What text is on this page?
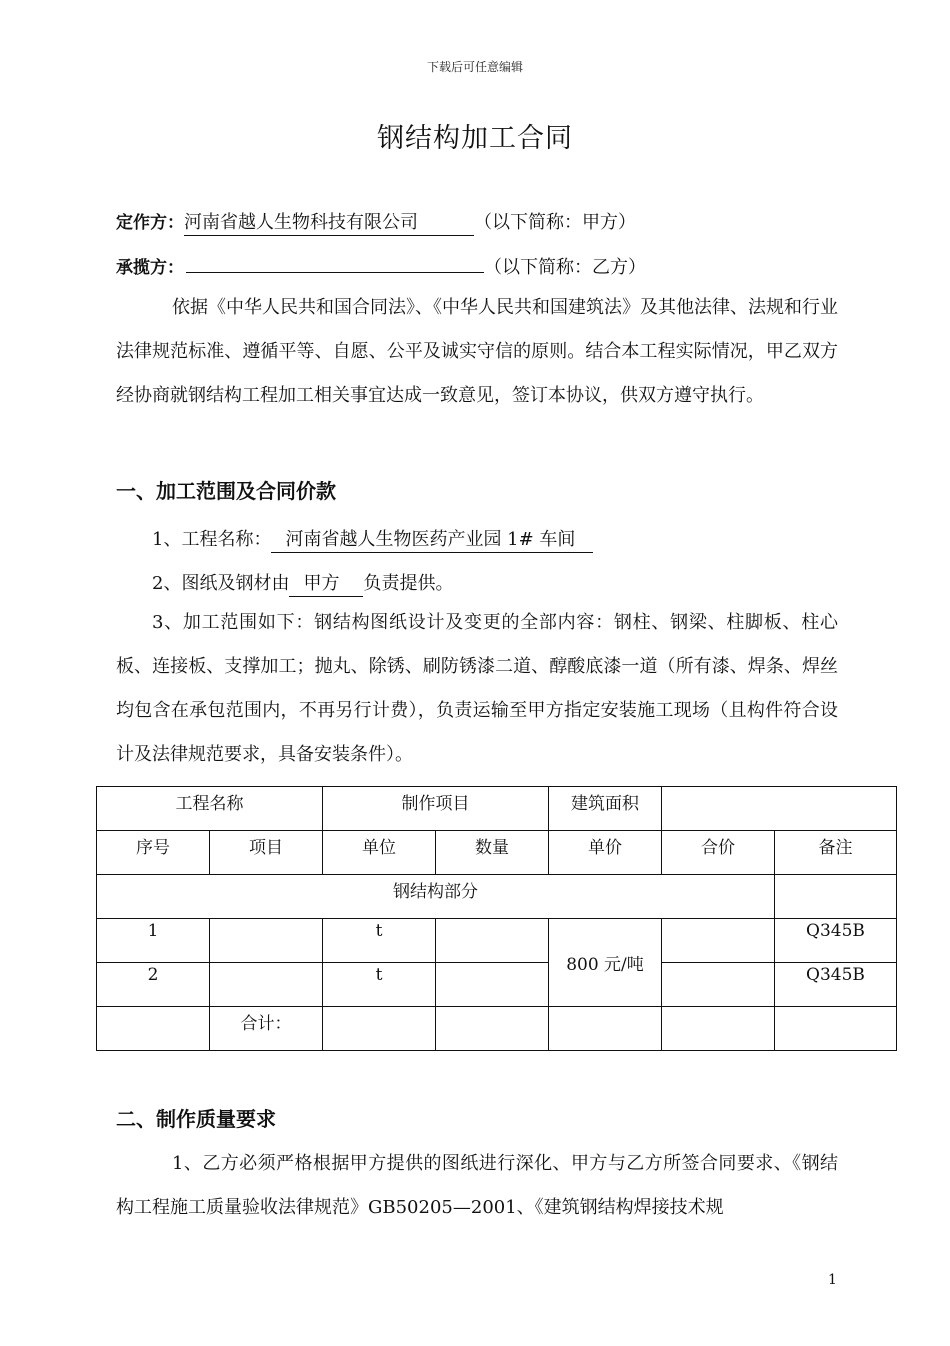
下载后可任意编辑
钢结构加工合同
定作方：河南省越人生物科技有限公司	（以下简称：甲方）
承揽方：	（以下简称：乙方）
依据《中华人民共和国合同法》、《中华人民共和国建筑法》及其他法律、法规和行业法律规范标准、遵循平等、自愿、公平及诚实守信的原则。结合本工程实际情况，甲乙双方经协商就钢结构工程加工相关事宜达成一致意见，签订本协议，供双方遵守执行。
一、加工范围及合同价款
1、工程名称： 河南省越人生物医药产业园 1# 车间
2、图纸及钢材由 甲方 负责提供。
3、加工范围如下：钢结构图纸设计及变更的全部内容：钢柱、钢梁、柱脚板、柱心板、连接板、支撑加工；抛丸、除锈、刷防锈漆二道、醇酸底漆一道（所有漆、焊条、焊丝均包含在承包范围内，不再另行计费），负责运输至甲方指定安装施工现场（且构件符合设计及法律规范要求，具备安装条件）。
工程名称		制作项目		建筑面积		
序号	项目	单位	数量	单价	合价	备注
钢结构部分						
1		t		800 元/吨		Q345B
2		t				Q345B
	合计：					
二、制作质量要求
1、乙方必须严格根据甲方提供的图纸进行深化、甲方与乙方所签合同要求、《钢结构工程施工质量验收法律规范》GB50205—2001、《建筑钢结构焊接技术规
1
